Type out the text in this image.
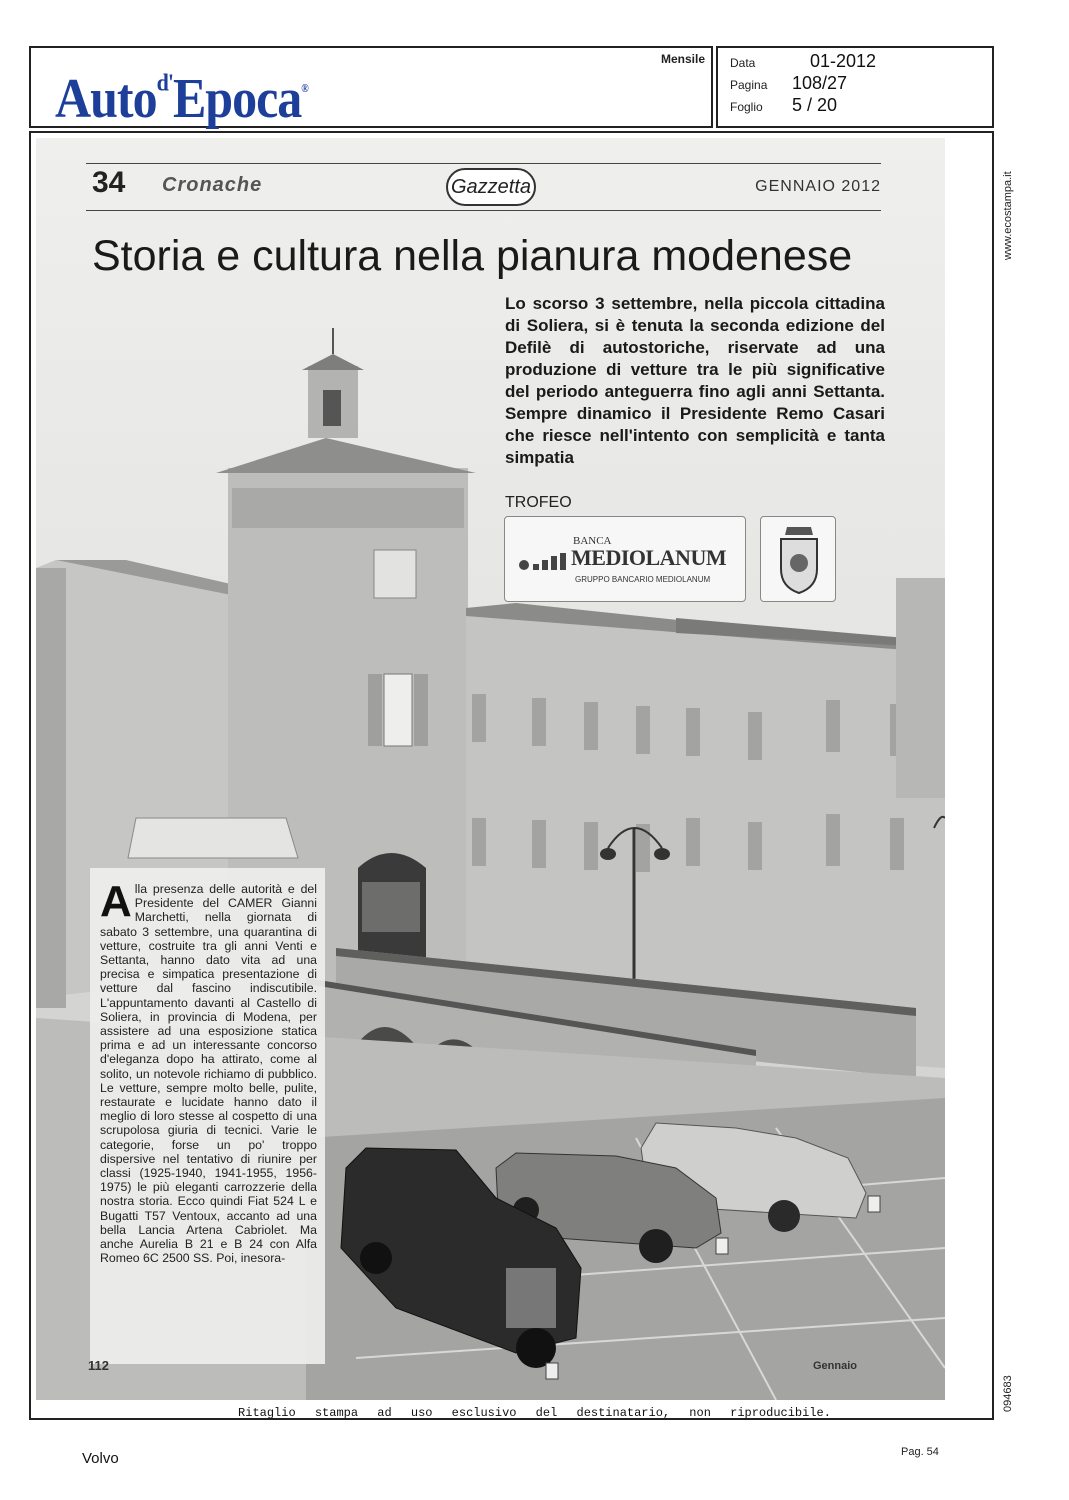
Auto$^{d'}$Epoca®
Mensile Data	01-2012
Pagina 108/27
Foglio 5 / 20
www.ecostampa.it
094683
34 Cronache	Gazzetta	GENNAIO 2012
Storia e cultura nella pianura modenese
Lo scorso 3 settembre, nella piccola cittadina di Soliera, si è tenuta la seconda edizione del Defilè di autostoriche, riservate ad una produzione di vetture tra le più significative del periodo anteguerra fino agli anni Settanta. Sempre dinamico il Presidente Remo Casari che riesce nell'intento con semplicità e tanta simpatia
TROFEO
BANCA
MEDIOLANUM
GRUPPO BANCARIO MEDIOLANUM
Alla presenza delle autorità e del Presidente del CAMER Gianni Marchetti, nella giornata di sabato 3 settembre, una quarantina di vetture, costruite tra gli anni Venti e Settanta, hanno dato vita ad una precisa e simpatica presentazione di vetture dal fascino indiscutibile. L'appuntamento davanti al Castello di Soliera, in provincia di Modena, per assistere ad una esposizione statica prima e ad un interessante concorso d'eleganza dopo ha attirato, come al solito, un notevole richiamo di pubblico. Le vetture, sempre molto belle, pulite, restaurate e lucidate hanno dato il meglio di loro stesse al cospetto di una scrupolosa giuria di tecnici. Varie le categorie, forse un po' troppo dispersive nel tentativo di riunire per classi (1925-1940, 1941-1955, 1956-1975) le più eleganti carrozzerie della nostra storia. Ecco quindi Fiat 524 L e Bugatti T57 Ventoux, accanto ad una bella Lancia Artena Cabriolet. Ma anche Aurelia B 21 e B 24 con Alfa Romeo 6C 2500 SS. Poi, inesora-
112	Gennaio
Ritaglio stampa ad uso esclusivo del destinatario, non riproducibile.
Volvo	Pag. 54
